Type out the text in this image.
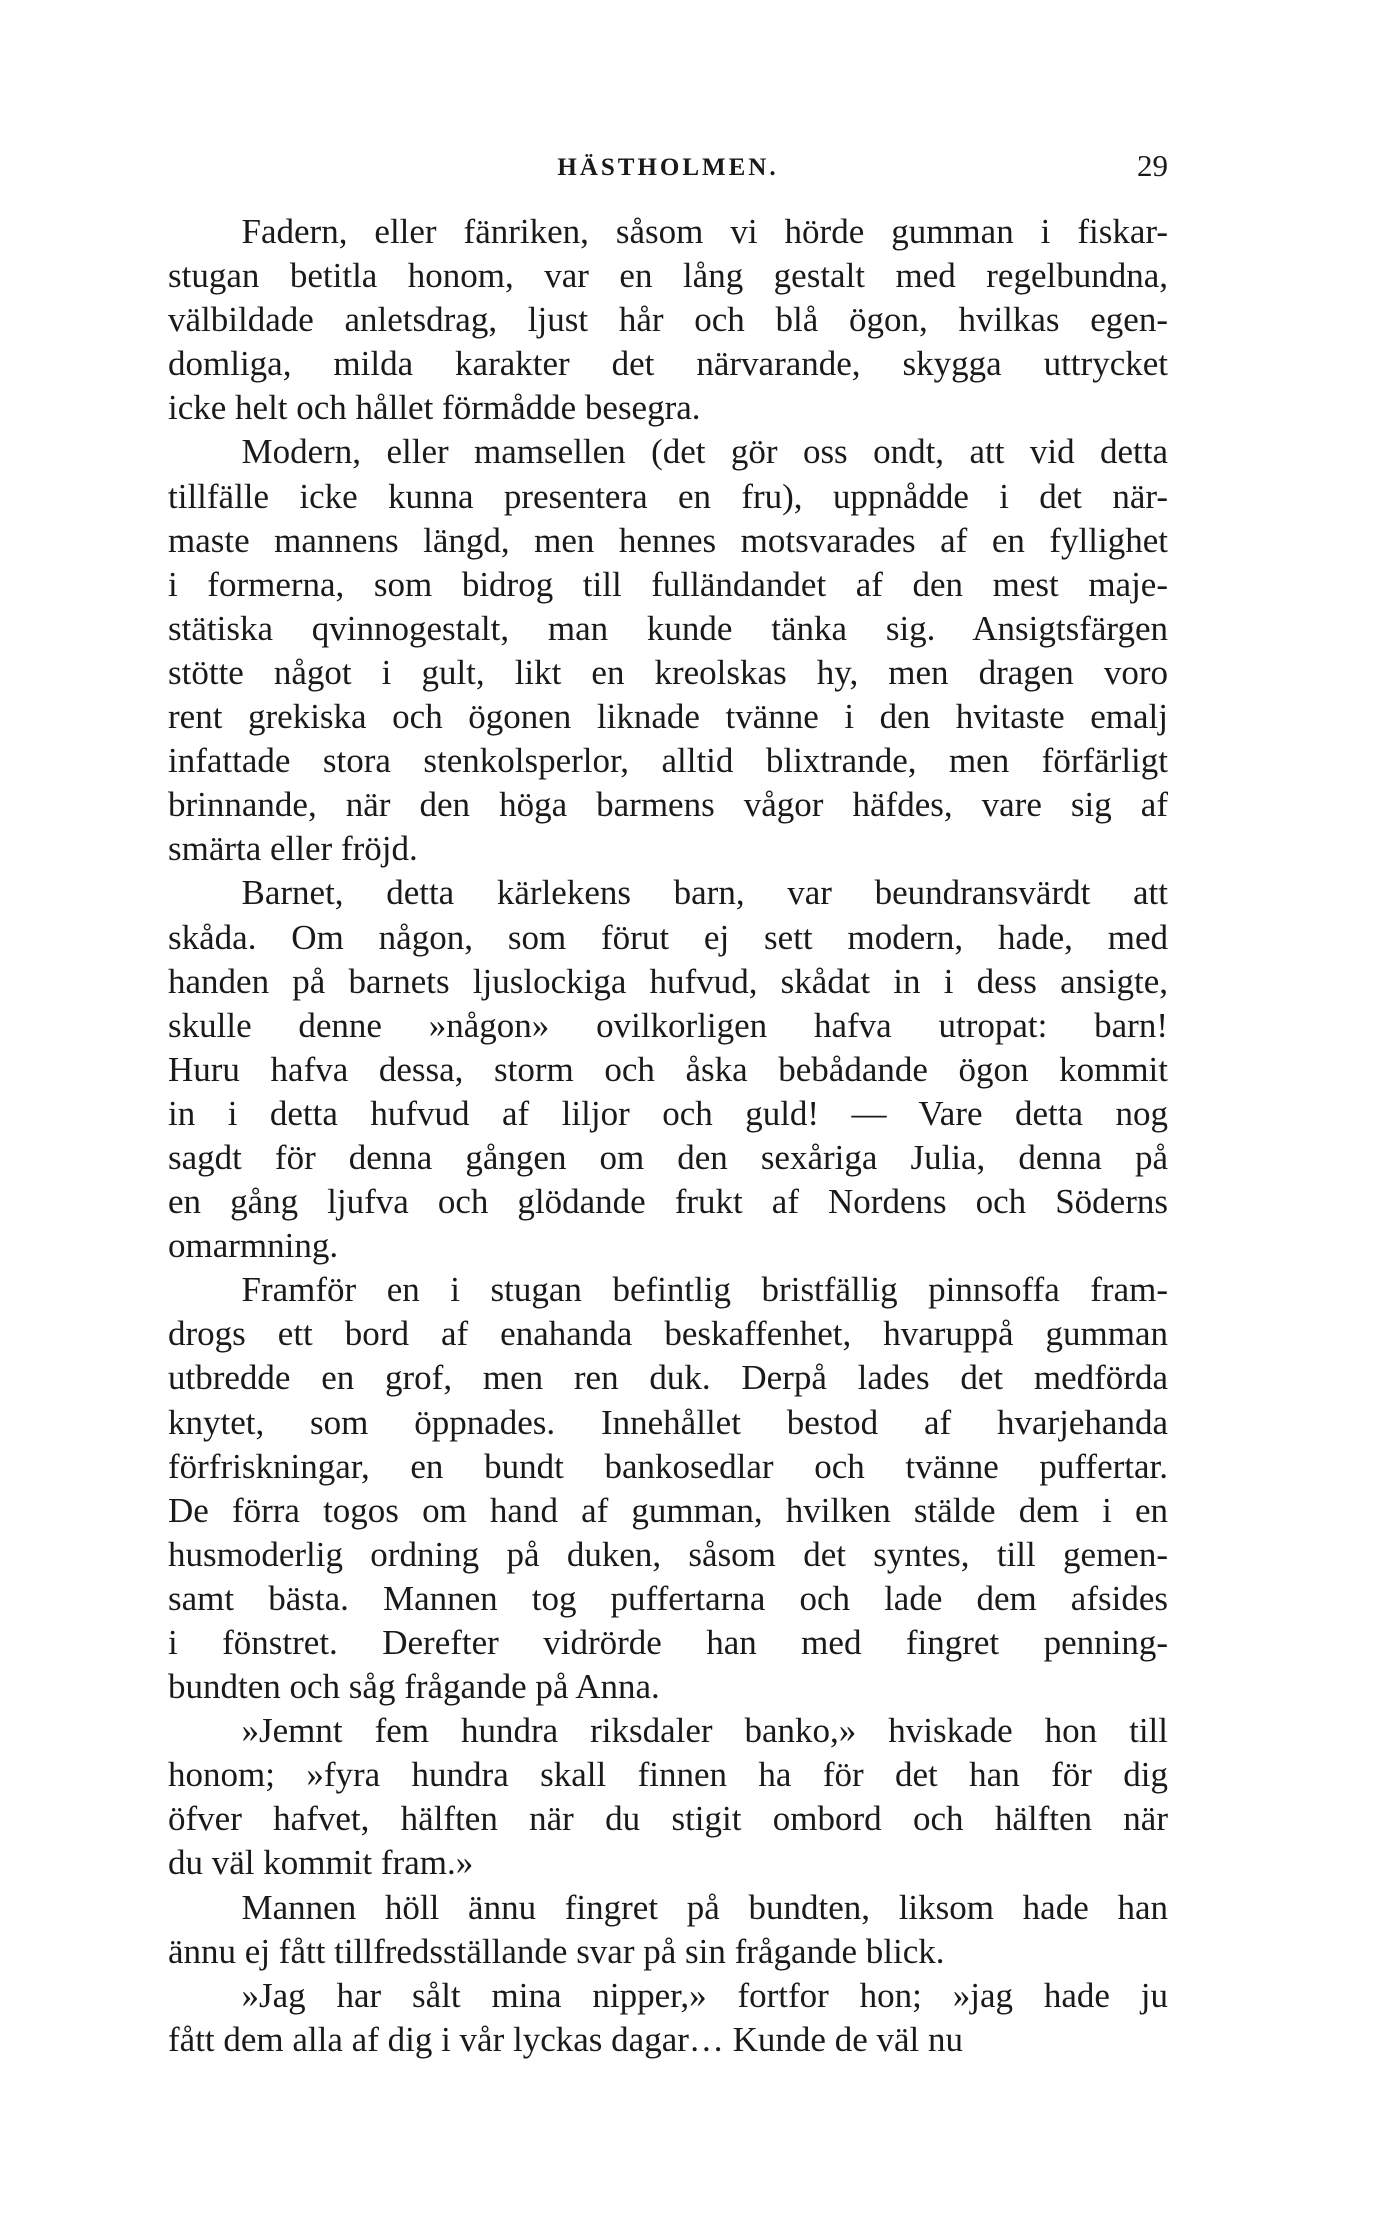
HÄSTHOLMEN.	29
Fadern, eller fänriken, såsom vi hörde gumman i fiskar-
stugan betitla honom, var en lång gestalt med regelbundna,
välbildade anletsdrag, ljust hår och blå ögon, hvilkas egen-
domliga, milda karakter det närvarande, skygga uttrycket
icke helt och hållet förmådde besegra.
Modern, eller mamsellen (det gör oss ondt, att vid detta
tillfälle icke kunna presentera en fru), uppnådde i det när-
maste mannens längd, men hennes motsvarades af en fyllighet
i formerna, som bidrog till fulländandet af den mest maje-
stätiska qvinnogestalt, man kunde tänka sig. Ansigtsfärgen
stötte något i gult, likt en kreolskas hy, men dragen voro
rent grekiska och ögonen liknade tvänne i den hvitaste emalj
infattade stora stenkolsperlor, alltid blixtrande, men förfärligt
brinnande, när den höga barmens vågor häfdes, vare sig af
smärta eller fröjd.
Barnet, detta kärlekens barn, var beundransvärdt att
skåda. Om någon, som förut ej sett modern, hade, med
handen på barnets ljuslockiga hufvud, skådat in i dess ansigte,
skulle denne »någon» ovilkorligen hafva utropat: barn!
Huru hafva dessa, storm och åska bebådande ögon kommit
in i detta hufvud af liljor och guld! — Vare detta nog
sagdt för denna gången om den sexåriga Julia, denna på
en gång ljufva och glödande frukt af Nordens och Söderns
omarmning.
Framför en i stugan befintlig bristfällig pinnsoffa fram-
drogs ett bord af enahanda beskaffenhet, hvaruppå gumman
utbredde en grof, men ren duk. Derpå lades det medförda
knytet, som öppnades. Innehållet bestod af hvarjehanda
förfriskningar, en bundt bankosedlar och tvänne puffertar.
De förra togos om hand af gumman, hvilken stälde dem i en
husmoderlig ordning på duken, såsom det syntes, till gemen-
samt bästa. Mannen tog puffertarna och lade dem afsides
i fönstret. Derefter vidrörde han med fingret penning-
bundten och såg frågande på Anna.
»Jemnt fem hundra riksdaler banko,» hviskade hon till
honom; »fyra hundra skall finnen ha för det han för dig
öfver hafvet, hälften när du stigit ombord och hälften när
du väl kommit fram.»
Mannen höll ännu fingret på bundten, liksom hade han
ännu ej fått tillfredsställande svar på sin frågande blick.
»Jag har sålt mina nipper,» fortfor hon; »jag hade ju
fått dem alla af dig i vår lyckas dagar… Kunde de väl nu
